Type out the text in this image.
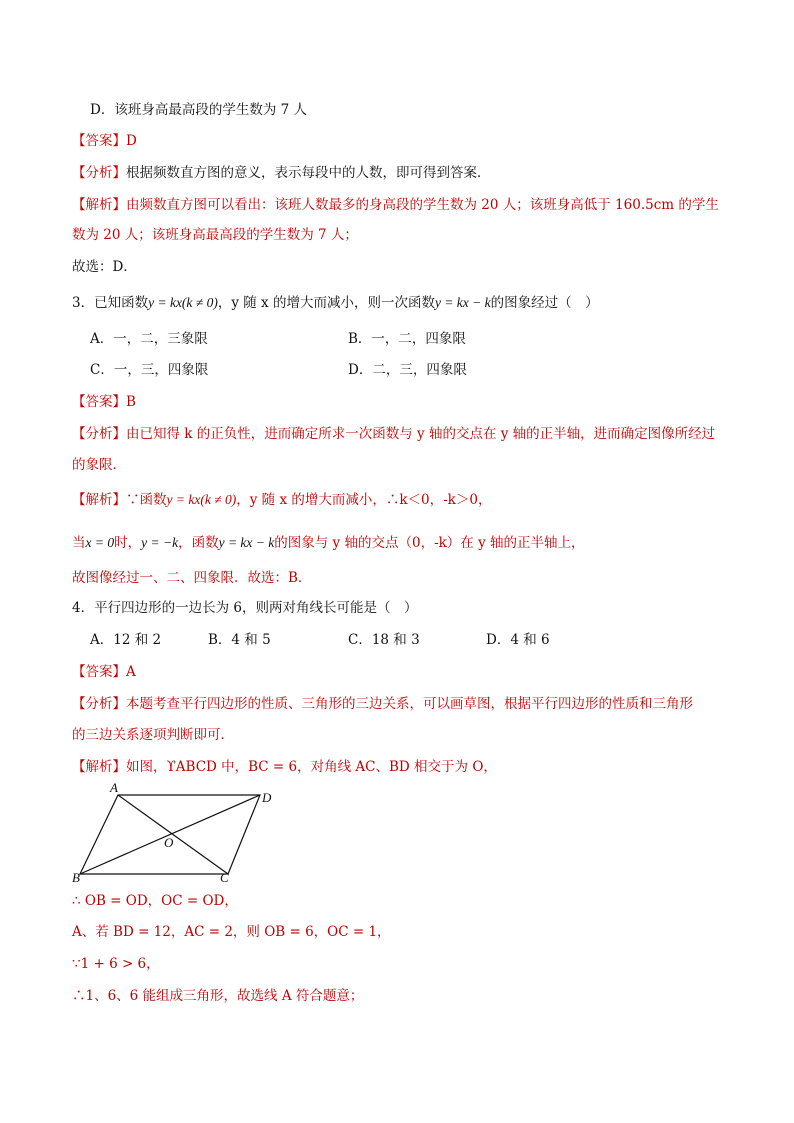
D．该班身高最高段的学生数为 7 人
【答案】D
【分析】根据频数直方图的意义，表示每段中的人数，即可得到答案．
【解析】由频数直方图可以看出：该班人数最多的身高段的学生数为 20 人；该班身高低于 160.5cm 的学生
数为 20 人；该班身高最高段的学生数为 7 人；
故选：D．
3．已知函数y = kx(k ≠ 0)，y 随 x 的增大而减小，则一次函数y = kx − k的图象经过（　）
A．一，二，三象限	B．一，二，四象限
C．一，三，四象限	D．二，三，四象限
【答案】B
【分析】由已知得 k 的正负性，进而确定所求一次函数与 y 轴的交点在 y 轴的正半轴，进而确定图像所经过
的象限．
【解析】∵函数y = kx(k ≠ 0)，y 随 x 的增大而减小，∴k＜0，-k＞0，
当x = 0时，y = −k，函数y = kx − k的图象与 y 轴的交点（0，-k）在 y 轴的正半轴上，
故图像经过一、二、四象限．故选：B．
4．平行四边形的一边长为 6，则两对角线长可能是（　）
A．12 和 2	B．4 和 5	C．18 和 3	D．4 和 6
【答案】A
【分析】本题考查平行四边形的性质、三角形的三边关系，可以画草图，根据平行四边形的性质和三角形
的三边关系逐项判断即可．
【解析】如图，ϒABCD 中，BC = 6，对角线 AC、BD 相交于为 O，
A
D
B	C
O
∴ OB = OD，OC = OD，
A、若 BD = 12，AC = 2，则 OB = 6，OC = 1，
∵1 + 6 > 6，
∴1、6、6 能组成三角形，故选线 A 符合题意；
